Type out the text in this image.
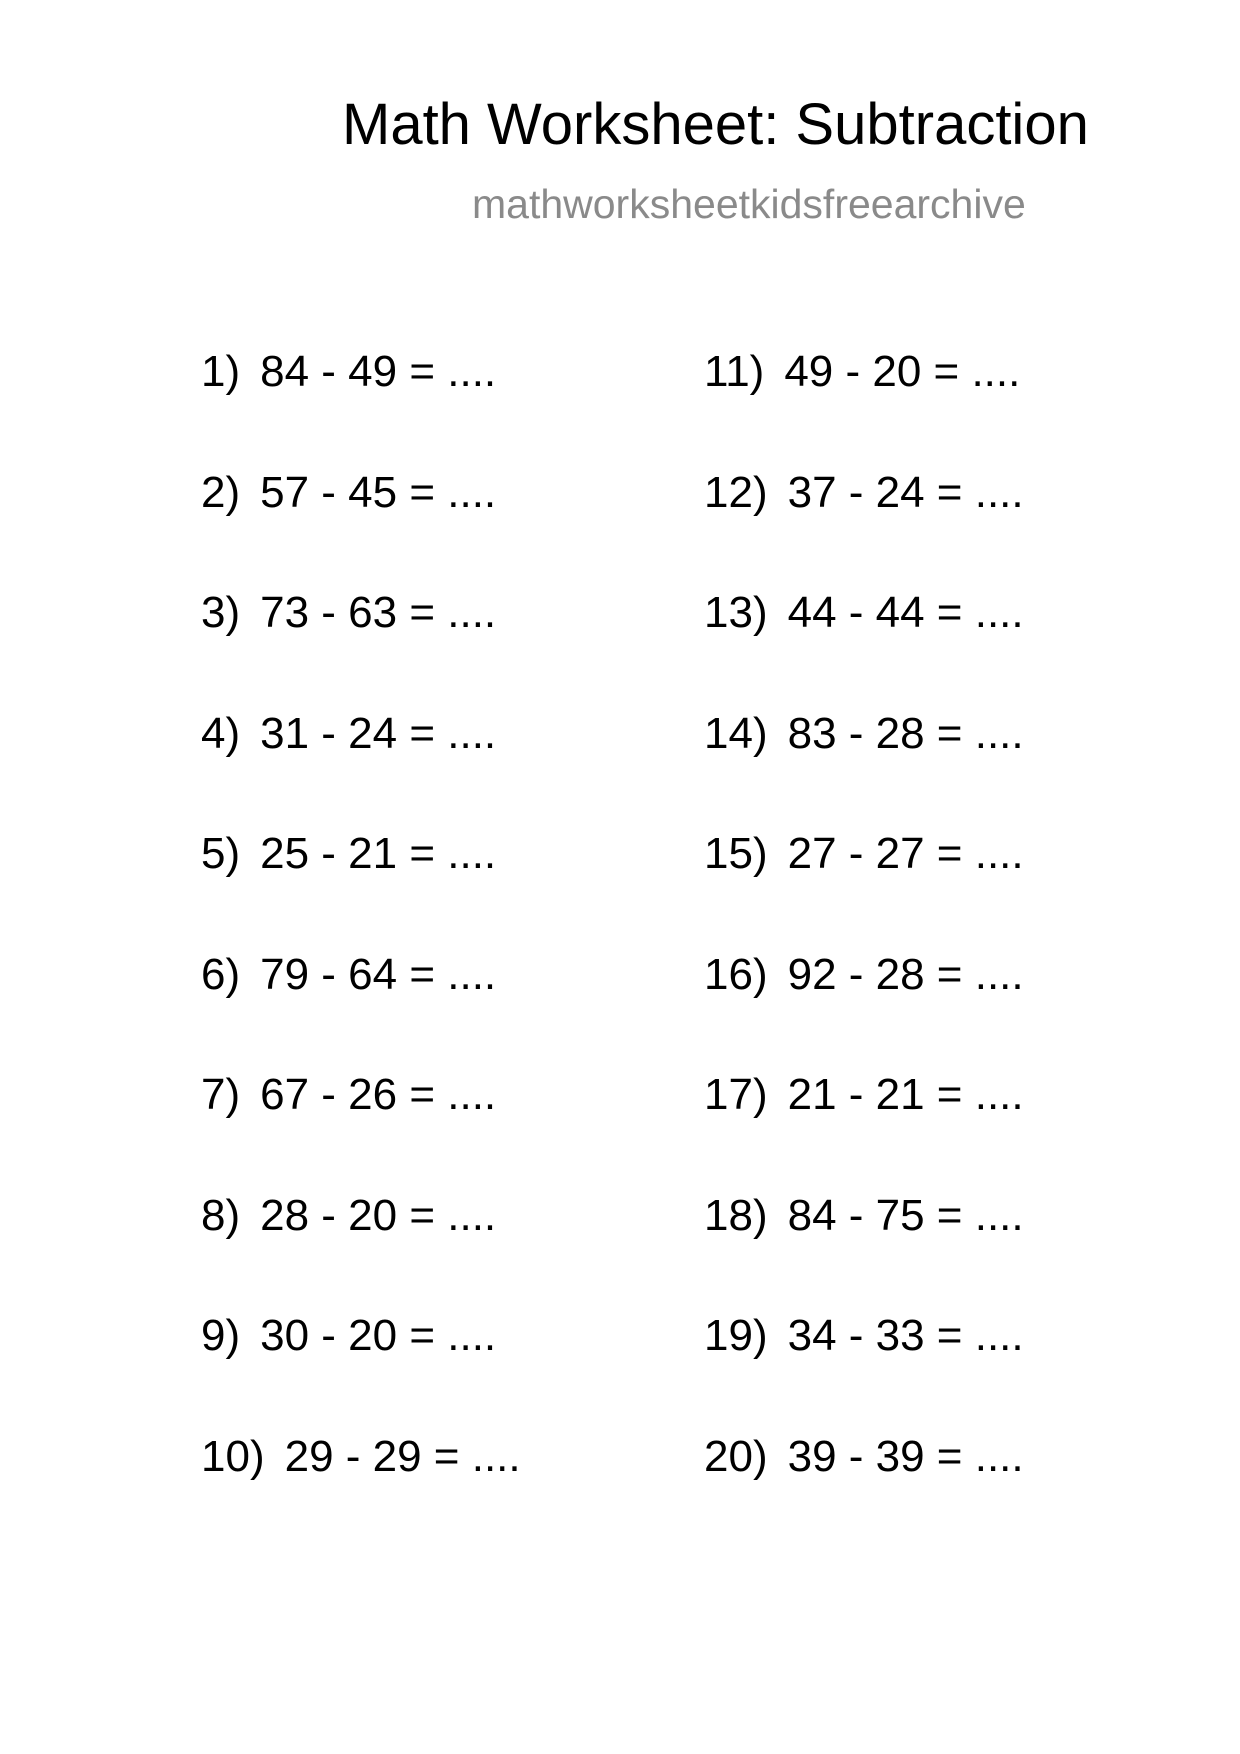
Math Worksheet: Subtraction
mathworksheetkidsfreearchive
1) 84 - 49 = ....
2) 57 - 45 = ....
3) 73 - 63 = ....
4) 31 - 24 = ....
5) 25 - 21 = ....
6) 79 - 64 = ....
7) 67 - 26 = ....
8) 28 - 20 = ....
9) 30 - 20 = ....
10) 29 - 29 = ....
11) 49 - 20 = ....
12) 37 - 24 = ....
13) 44 - 44 = ....
14) 83 - 28 = ....
15) 27 - 27 = ....
16) 92 - 28 = ....
17) 21 - 21 = ....
18) 84 - 75 = ....
19) 34 - 33 = ....
20) 39 - 39 = ....
